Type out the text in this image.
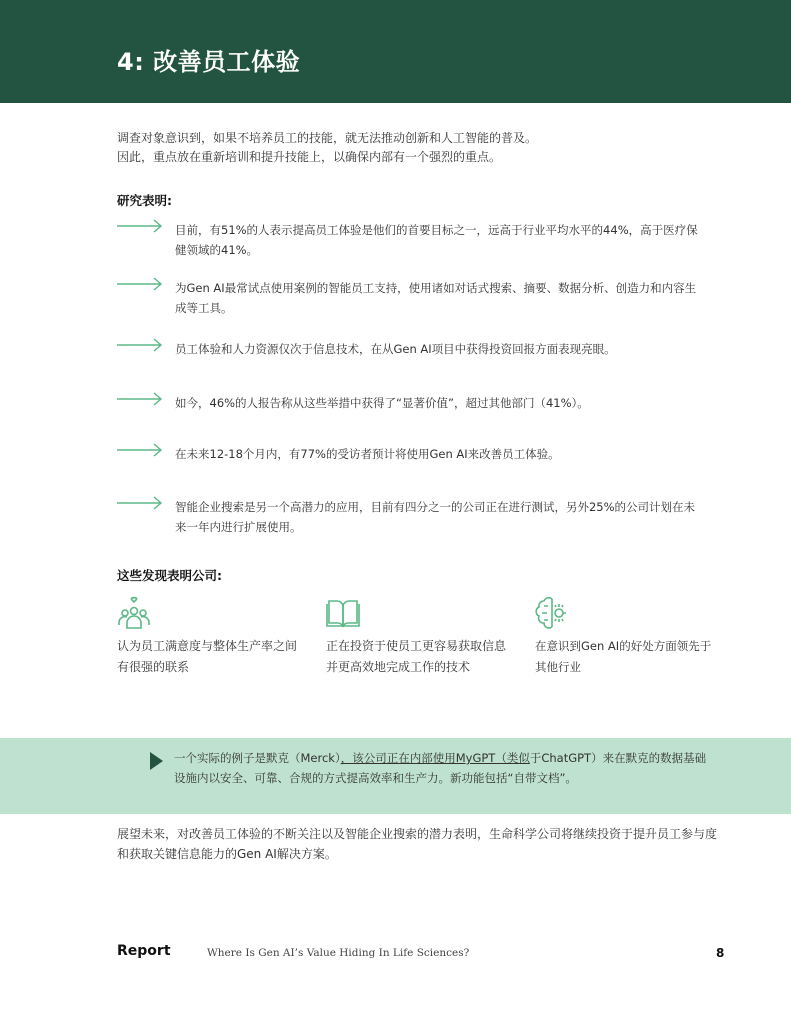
4: 改善员工体验
调查对象意识到，如果不培养员工的技能，就无法推动创新和人工智能的普及。
因此，重点放在重新培训和提升技能上，以确保内部有一个强烈的重点。
研究表明:
目前，有51%的人表示提高员工体验是他们的首要目标之一，远高于行业平均水平的44%，高于医疗保健领域的41%。
为Gen AI最常试点使用案例的智能员工支持，使用诸如对话式搜索、摘要、数据分析、创造力和内容生成等工具。
员工体验和人力资源仅次于信息技术，在从Gen AI项目中获得投资回报方面表现亮眼。
如今，46%的人报告称从这些举措中获得了“显著价值”，超过其他部门（41%）。
在未来12-18个月内，有77%的受访者预计将使用Gen AI来改善员工体验。
智能企业搜索是另一个高潜力的应用，目前有四分之一的公司正在进行测试，另外25%的公司计划在未来一年内进行扩展使用。
这些发现表明公司:
认为员工满意度与整体生产率之间有很强的联系
正在投资于使员工更容易获取信息并更高效地完成工作的技术
在意识到Gen AI的好处方面领先于其他行业
一个实际的例子是默克（Merck），该公司正在内部使用MyGPT（类似于ChatGPT）来在默克的数据基础设施内以安全、可靠、合规的方式提高效率和生产力。新功能包括“自带文档”。
展望未来，对改善员工体验的不断关注以及智能企业搜索的潜力表明，生命科学公司将继续投资于提升员工参与度和获取关键信息能力的Gen AI解决方案。
Report	Where Is Gen AI’s Value Hiding In Life Sciences?	8
